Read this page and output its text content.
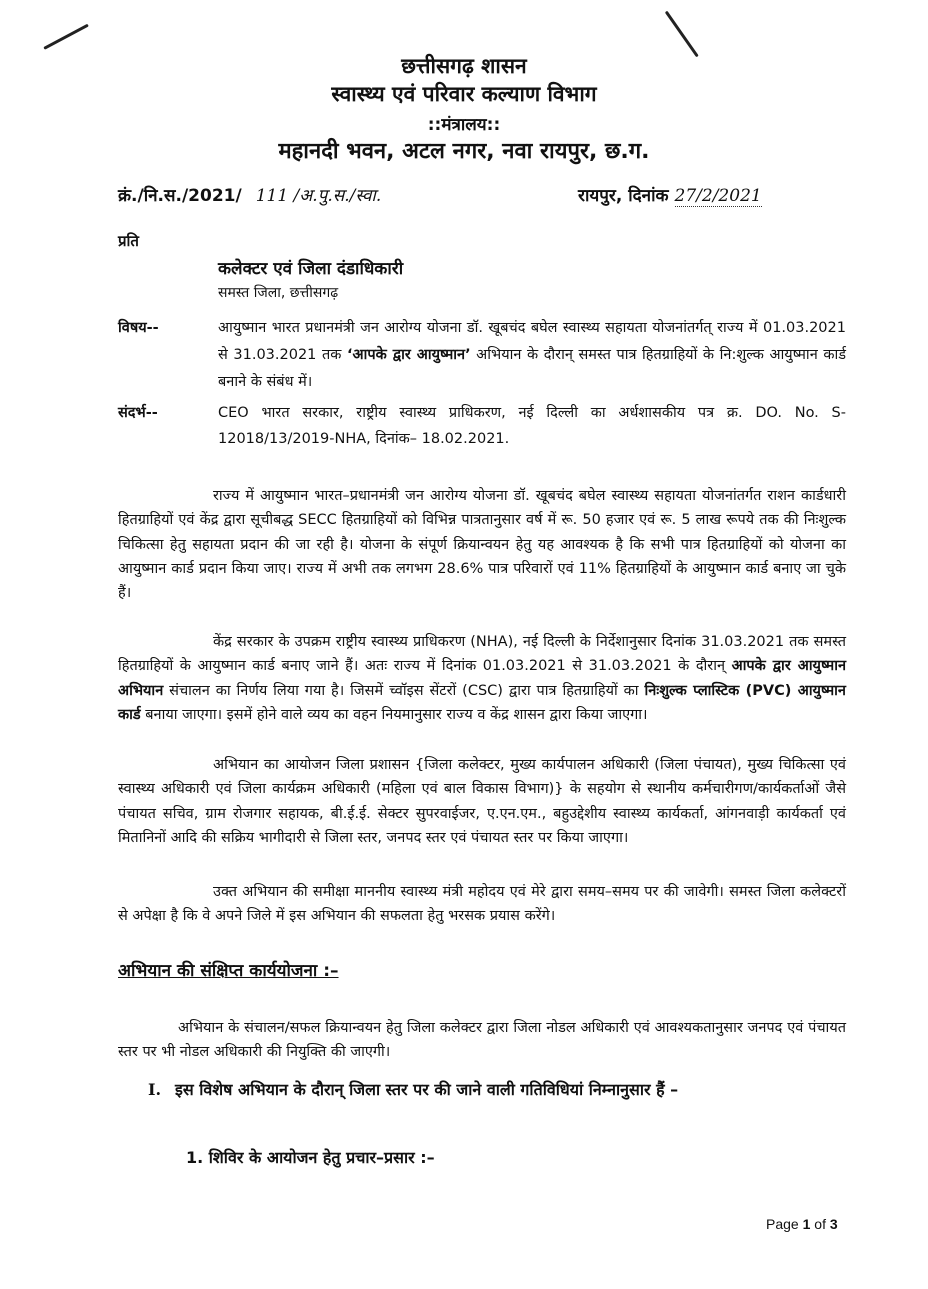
छत्तीसगढ़ शासन
स्वास्थ्य एवं परिवार कल्याण विभाग
::मंत्रालय::
महानदी भवन, अटल नगर, नवा रायपुर, छ.ग.
क्रं./नि.स./2021/ 111 /अ.पु.स./स्वा.	रायपुर, दिनांक 27/2/2021
प्रति
कलेक्टर एवं जिला दंडाधिकारी
समस्त जिला, छत्तीसगढ़
विषय--	आयुष्मान भारत प्रधानमंत्री जन आरोग्य योजना डॉ. खूबचंद बघेल स्वास्थ्य सहायता योजनांतर्गत् राज्य में 01.03.2021 से 31.03.2021 तक ‘आपके द्वार आयुष्मान’ अभियान के दौरान् समस्त पात्र हितग्राहियों के नि:शुल्क आयुष्मान कार्ड बनाने के संबंध में।
संदर्भ--	CEO भारत सरकार, राष्ट्रीय स्वास्थ्य प्राधिकरण, नई दिल्ली का अर्धशासकीय पत्र क्र. DO. No. S-12018/13/2019-NHA, दिनांक– 18.02.2021.
राज्य में आयुष्मान भारत–प्रधानमंत्री जन आरोग्य योजना डॉ. खूबचंद बघेल स्वास्थ्य सहायता योजनांतर्गत राशन कार्डधारी हितग्राहियों एवं केंद्र द्वारा सूचीबद्ध SECC हितग्राहियों को विभिन्न पात्रतानुसार वर्ष में रू. 50 हजार एवं रू. 5 लाख रूपये तक की निःशुल्क चिकित्सा हेतु सहायता प्रदान की जा रही है। योजना के संपूर्ण क्रियान्वयन हेतु यह आवश्यक है कि सभी पात्र हितग्राहियों को योजना का आयुष्मान कार्ड प्रदान किया जाए। राज्य में अभी तक लगभग 28.6% पात्र परिवारों एवं 11% हितग्राहियों के आयुष्मान कार्ड बनाए जा चुके हैं।
केंद्र सरकार के उपक्रम राष्ट्रीय स्वास्थ्य प्राधिकरण (NHA), नई दिल्ली के निर्देशानुसार दिनांक 31.03.2021 तक समस्त हितग्राहियों के आयुष्मान कार्ड बनाए जाने हैं। अतः राज्य में दिनांक 01.03.2021 से 31.03.2021 के दौरान् आपके द्वार आयुष्मान अभियान संचालन का निर्णय लिया गया है। जिसमें च्वॉइस सेंटरों (CSC) द्वारा पात्र हितग्राहियों का निःशुल्क प्लास्टिक (PVC) आयुष्मान कार्ड बनाया जाएगा। इसमें होने वाले व्यय का वहन नियमानुसार राज्य व केंद्र शासन द्वारा किया जाएगा।
अभियान का आयोजन जिला प्रशासन {जिला कलेक्टर, मुख्य कार्यपालन अधिकारी (जिला पंचायत), मुख्य चिकित्सा एवं स्वास्थ्य अधिकारी एवं जिला कार्यक्रम अधिकारी (महिला एवं बाल विकास विभाग)} के सहयोग से स्थानीय कर्मचारीगण/कार्यकर्ताओं जैसे पंचायत सचिव, ग्राम रोजगार सहायक, बी.ई.ई. सेक्टर सुपरवाईजर, ए.एन.एम., बहुउद्देशीय स्वास्थ्य कार्यकर्ता, आंगनवाड़ी कार्यकर्ता एवं मितानिनों आदि की सक्रिय भागीदारी से जिला स्तर, जनपद स्तर एवं पंचायत स्तर पर किया जाएगा।
उक्त अभियान की समीक्षा माननीय स्वास्थ्य मंत्री महोदय एवं मेरे द्वारा समय–समय पर की जावेगी। समस्त जिला कलेक्टरों से अपेक्षा है कि वे अपने जिले में इस अभियान की सफलता हेतु भरसक प्रयास करेंगे।
अभियान की संक्षिप्त कार्ययोजना :–
अभियान के संचालन/सफल क्रियान्वयन हेतु जिला कलेक्टर द्वारा जिला नोडल अधिकारी एवं आवश्यकतानुसार जनपद एवं पंचायत स्तर पर भी नोडल अधिकारी की नियुक्ति की जाएगी।
I. इस विशेष अभियान के दौरान् जिला स्तर पर की जाने वाली गतिविधियां निम्नानुसार हैं –
1. शिविर के आयोजन हेतु प्रचार–प्रसार :–
Page 1 of 3
